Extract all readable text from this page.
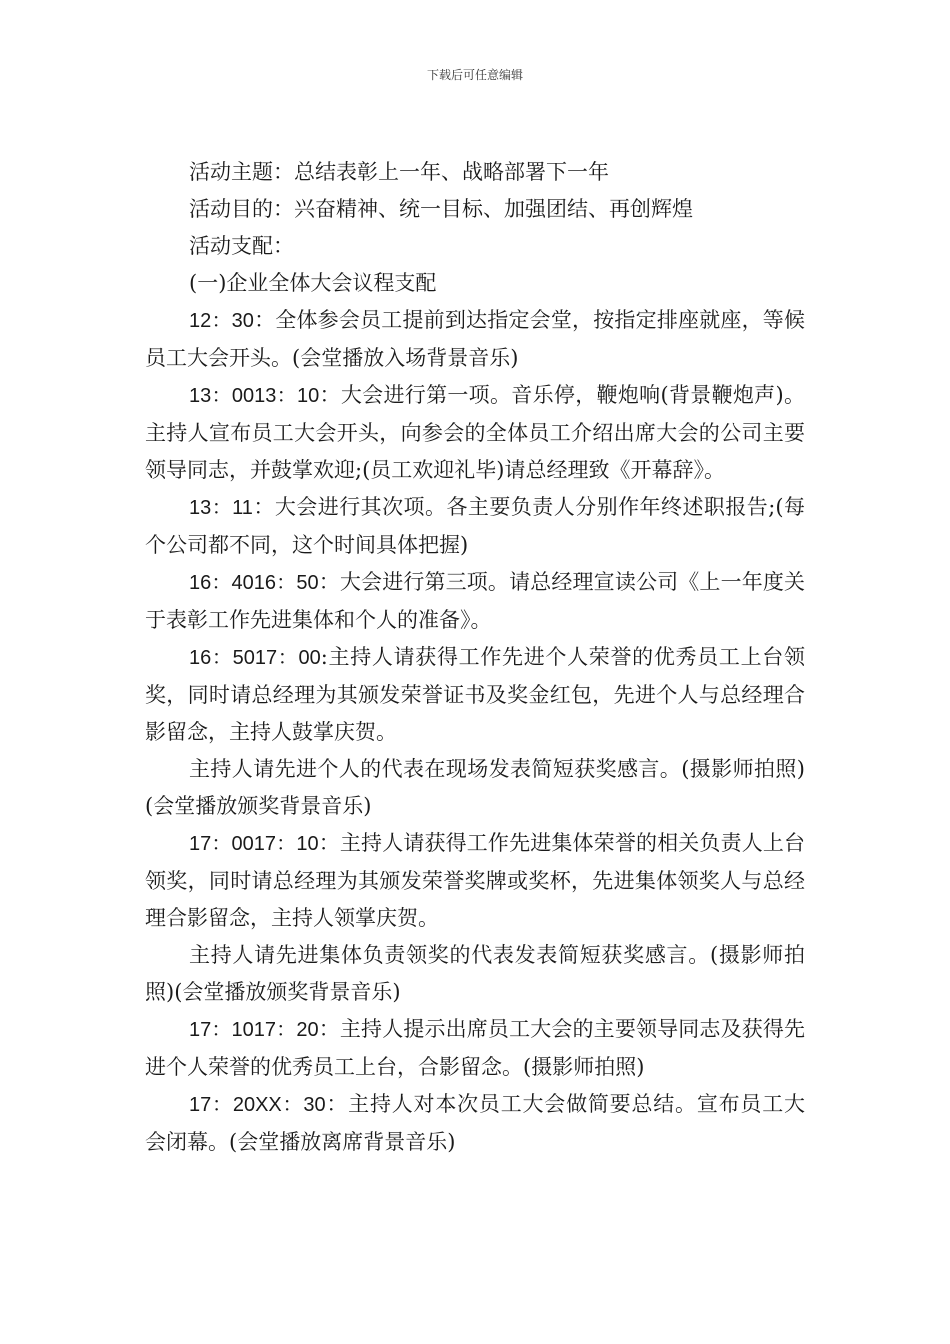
下载后可任意编辑

活动主题：总结表彰上一年、战略部署下一年

活动目的：兴奋精神、统一目标、加强团结、再创辉煌

活动支配：

(一)企业全体大会议程支配

12：30：全体参会员工提前到达指定会堂，按指定排座就座，等候员工大会开头。(会堂播放入场背景音乐)

13：0013：10：大会进行第一项。音乐停，鞭炮响(背景鞭炮声)。主持人宣布员工大会开头，向参会的全体员工介绍出席大会的公司主要领导同志，并鼓掌欢迎;(员工欢迎礼毕)请总经理致《开幕辞》。

13：11：大会进行其次项。各主要负责人分别作年终述职报告;(每个公司都不同，这个时间具体把握)

16：4016：50：大会进行第三项。请总经理宣读公司《上一年度关于表彰工作先进集体和个人的准备》。

16：5017：00:主持人请获得工作先进个人荣誉的优秀员工上台领奖，同时请总经理为其颁发荣誉证书及奖金红包，先进个人与总经理合影留念，主持人鼓掌庆贺。

主持人请先进个人的代表在现场发表简短获奖感言。(摄影师拍照)(会堂播放颁奖背景音乐)

17：0017：10：主持人请获得工作先进集体荣誉的相关负责人上台领奖，同时请总经理为其颁发荣誉奖牌或奖杯，先进集体领奖人与总经理合影留念，主持人领掌庆贺。

主持人请先进集体负责领奖的代表发表简短获奖感言。(摄影师拍照)(会堂播放颁奖背景音乐)

17：1017：20：主持人提示出席员工大会的主要领导同志及获得先进个人荣誉的优秀员工上台，合影留念。(摄影师拍照)

17：20XX：30：主持人对本次员工大会做简要总结。宣布员工大会闭幕。(会堂播放离席背景音乐)
